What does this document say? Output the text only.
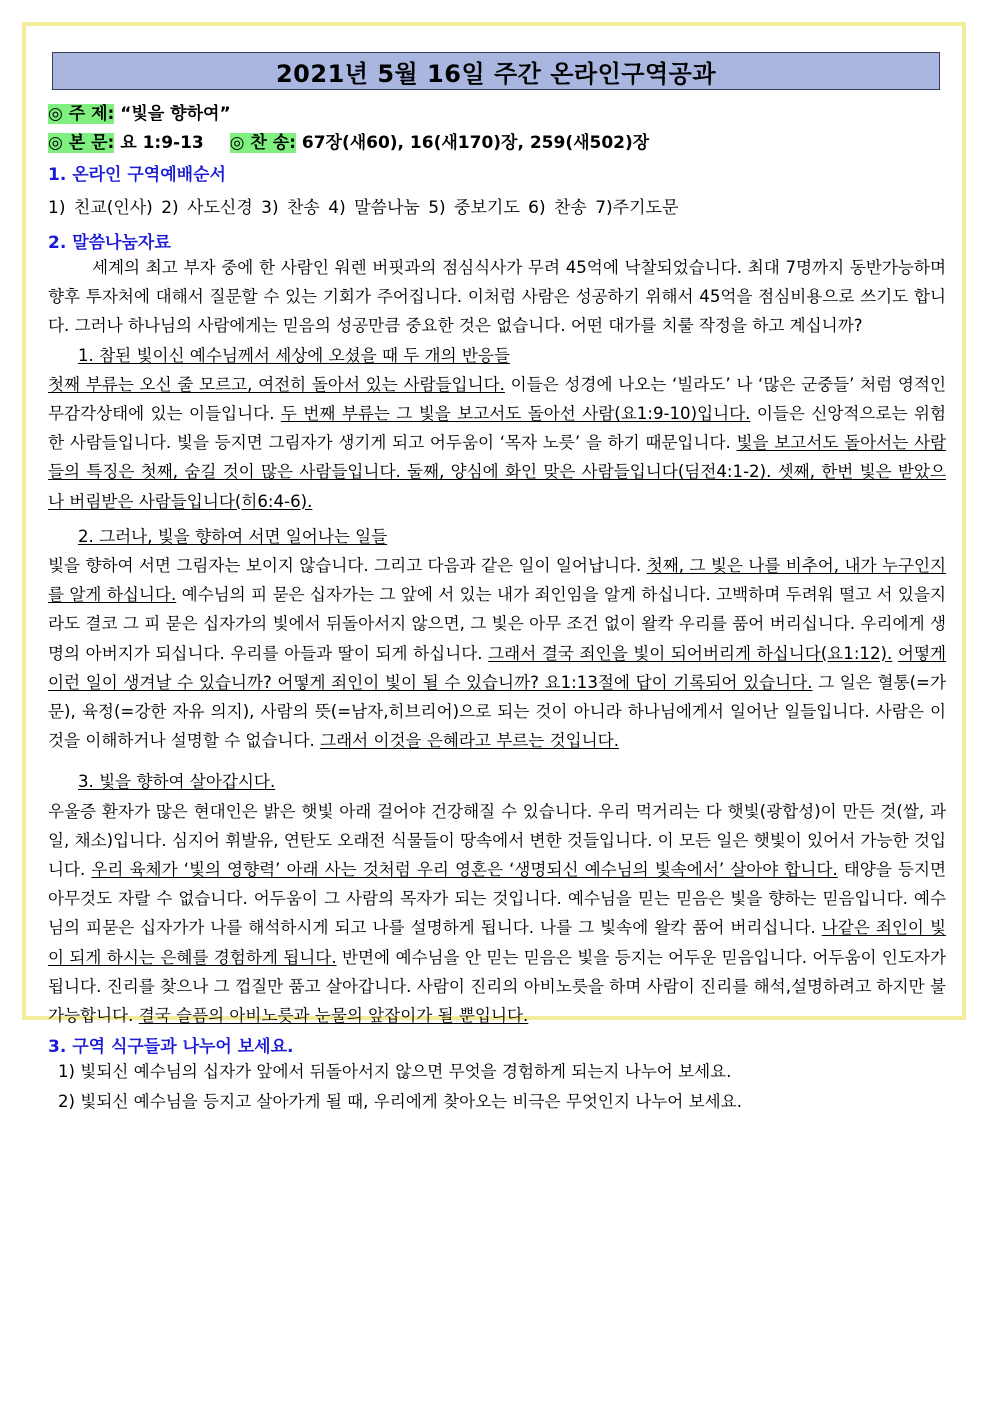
2021년 5월 16일 주간 온라인구역공과
◎ 주 제: “빛을 향하여”
◎ 본 문: 요 1:9-13 ◎ 찬 송: 67장(새60), 16(새170)장, 259(새502)장
1. 온라인 구역예배순서
1) 친교(인사) 2) 사도신경 3) 찬송 4) 말씀나눔 5) 중보기도 6) 찬송 7)주기도문
2. 말씀나눔자료

세계의 최고 부자 중에 한 사람인 워렌 버핏과의 점심식사가 무려 45억에 낙찰되었습니다. 최대 7명까지 동반가능하며 향후 투자처에 대해서 질문할 수 있는 기회가 주어집니다. 이처럼 사람은 성공하기 위해서 45억을 점심비용으로 쓰기도 합니다. 그러나 하나님의 사람에게는 믿음의 성공만큼 중요한 것은 없습니다. 어떤 대가를 치룰 작정을 하고 계십니까?

1. 참된 빛이신 예수님께서 세상에 오셨을 때 두 개의 반응들

첫째 부류는 오신 줄 모르고, 여전히 돌아서 있는 사람들입니다. 이들은 성경에 나오는 ‘빌라도’ 나 ‘많은 군중들’ 처럼 영적인 무감각상태에 있는 이들입니다. 두 번째 부류는 그 빛을 보고서도 돌아선 사람(요1:9-10)입니다. 이들은 신앙적으로는 위험한 사람들입니다. 빛을 등지면 그림자가 생기게 되고 어두움이 ‘목자 노릇’ 을 하기 때문입니다. 빛을 보고서도 돌아서는 사람들의 특징은 첫째, 숨길 것이 많은 사람들입니다. 둘째, 양심에 화인 맞은 사람들입니다(딤전4:1-2). 셋째, 한번 빛은 받았으나 버림받은 사람들입니다(히6:4-6).

2. 그러나, 빛을 향하여 서면 일어나는 일들

빛을 향하여 서면 그림자는 보이지 않습니다. 그리고 다음과 같은 일이 일어납니다. 첫째, 그 빛은 나를 비추어, 내가 누구인지를 알게 하십니다. 예수님의 피 묻은 십자가는 그 앞에 서 있는 내가 죄인임을 알게 하십니다. 고백하며 두려워 떨고 서 있을지라도 결코 그 피 묻은 십자가의 빛에서 뒤돌아서지 않으면, 그 빛은 아무 조건 없이 왈칵 우리를 품어 버리십니다. 우리에게 생명의 아버지가 되십니다. 우리를 아들과 딸이 되게 하십니다. 그래서 결국 죄인을 빛이 되어버리게 하십니다(요1:12). 어떻게 이런 일이 생겨날 수 있습니까? 어떻게 죄인이 빛이 될 수 있습니까? 요1:13절에 답이 기록되어 있습니다. 그 일은 혈통(=가문), 육정(=강한 자유 의지), 사람의 뜻(=남자,히브리어)으로 되는 것이 아니라 하나님에게서 일어난 일들입니다. 사람은 이것을 이해하거나 설명할 수 없습니다. 그래서 이것을 은혜라고 부르는 것입니다.

3. 빛을 향하여 살아갑시다.

우울증 환자가 많은 현대인은 밝은 햇빛 아래 걸어야 건강해질 수 있습니다. 우리 먹거리는 다 햇빛(광합성)이 만든 것(쌀, 과일, 채소)입니다. 심지어 휘발유, 연탄도 오래전 식물들이 땅속에서 변한 것들입니다. 이 모든 일은 햇빛이 있어서 가능한 것입니다. 우리 육체가 ‘빛의 영향력’ 아래 사는 것처럼 우리 영혼은 ‘생명되신 예수님의 빛속에서’ 살아야 합니다. 태양을 등지면 아무것도 자랄 수 없습니다. 어두움이 그 사람의 목자가 되는 것입니다. 예수님을 믿는 믿음은 빛을 향하는 믿음입니다. 예수님의 피묻은 십자가가 나를 해석하시게 되고 나를 설명하게 됩니다. 나를 그 빛속에 왈칵 품어 버리십니다. 나같은 죄인이 빛이 되게 하시는 은혜를 경험하게 됩니다. 반면에 예수님을 안 믿는 믿음은 빛을 등지는 어두운 믿음입니다. 어두움이 인도자가 됩니다. 진리를 찾으나 그 껍질만 품고 살아갑니다. 사람이 진리의 아비노릇을 하며 사람이 진리를 해석,설명하려고 하지만 불가능합니다. 결국 슬픔의 아비노릇과 눈물의 앞잡이가 될 뿐입니다.

3. 구역 식구들과 나누어 보세요.

1) 빛되신 예수님의 십자가 앞에서 뒤돌아서지 않으면 무엇을 경험하게 되는지 나누어 보세요.

2) 빛되신 예수님을 등지고 살아가게 될 때, 우리에게 찾아오는 비극은 무엇인지 나누어 보세요.
